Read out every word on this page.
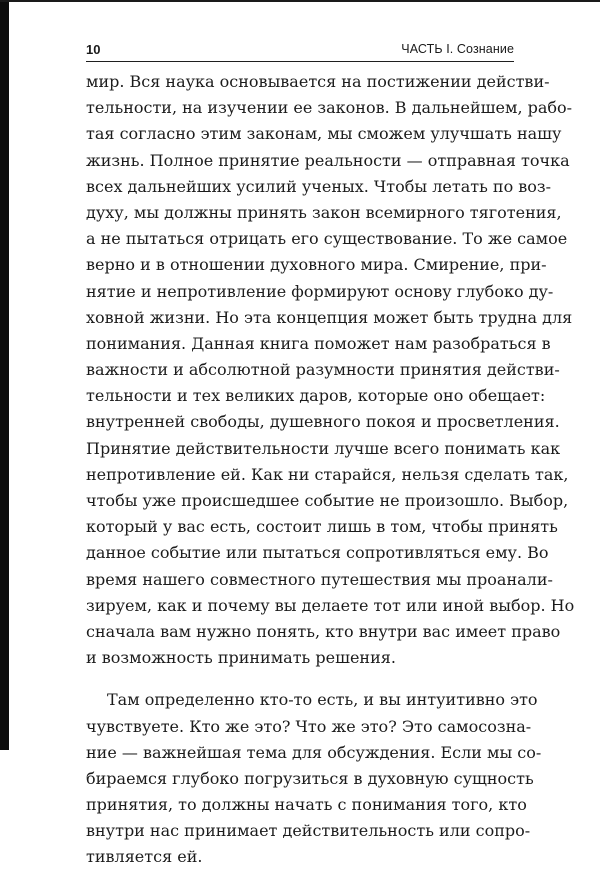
10	ЧАСТЬ I. Сознание
мир. Вся наука основывается на постижении действи-
тельности, на изучении ее законов. В дальнейшем, рабо-
тая согласно этим законам, мы сможем улучшать нашу
жизнь. Полное принятие реальности — отправная точка
всех дальнейших усилий ученых. Чтобы летать по воз-
духу, мы должны принять закон всемирного тяготения,
а не пытаться отрицать его существование. То же самое
верно и в отношении духовного мира. Смирение, при-
нятие и непротивление формируют основу глубоко ду-
ховной жизни. Но эта концепция может быть трудна для
понимания. Данная книга поможет нам разобраться в
важности и абсолютной разумности принятия действи-
тельности и тех великих даров, которые оно обещает:
внутренней свободы, душевного покоя и просветления.
Принятие действительности лучше всего понимать как
непротивление ей. Как ни старайся, нельзя сделать так,
чтобы уже происшедшее событие не произошло. Выбор,
который у вас есть, состоит лишь в том, чтобы принять
данное событие или пытаться сопротивляться ему. Во
время нашего совместного путешествия мы проанали-
зируем, как и почему вы делаете тот или иной выбор. Но
сначала вам нужно понять, кто внутри вас имеет право
и возможность принимать решения.
Там определенно кто-то есть, и вы интуитивно это
чувствуете. Кто же это? Что же это? Это самосозна-
ние — важнейшая тема для обсуждения. Если мы со-
бираемся глубоко погрузиться в духовную сущность
принятия, то должны начать с понимания того, кто
внутри нас принимает действительность или сопро-
тивляется ей.
